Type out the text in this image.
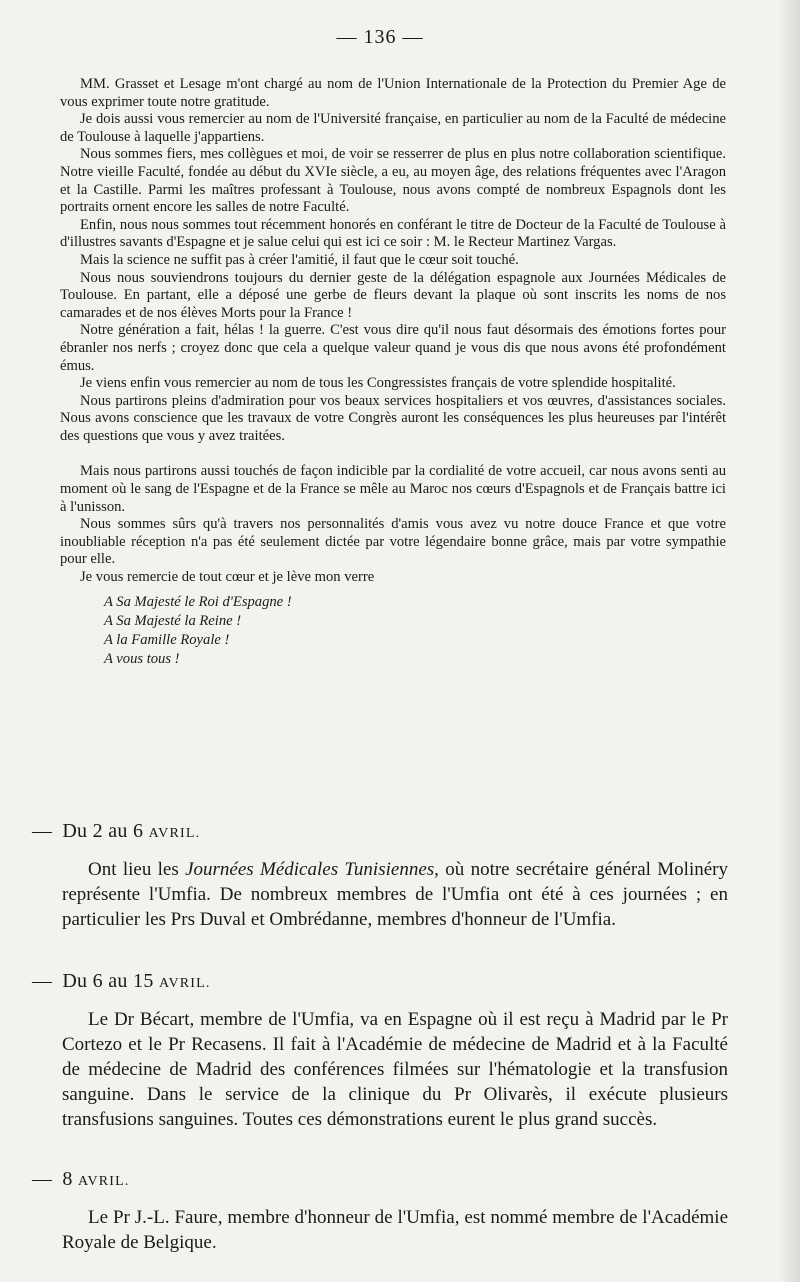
— 136 —

MM. Grasset et Lesage m'ont chargé au nom de l'Union Internationale de la Protection du Premier Age de vous exprimer toute notre gratitude.

Je dois aussi vous remercier au nom de l'Université française, en particulier au nom de la Faculté de médecine de Toulouse à laquelle j'appartiens.

Nous sommes fiers, mes collègues et moi, de voir se resserrer de plus en plus notre collaboration scientifique. Notre vieille Faculté, fondée au début du XVIe siècle, a eu, au moyen âge, des relations fréquentes avec l'Aragon et la Castille. Parmi les maîtres professant à Toulouse, nous avons compté de nombreux Espagnols dont les portraits ornent encore les salles de notre Faculté.

Enfin, nous nous sommes tout récemment honorés en conférant le titre de Docteur de la Faculté de Toulouse à d'illustres savants d'Espagne et je salue celui qui est ici ce soir : M. le Recteur Martinez Vargas.

Mais la science ne suffit pas à créer l'amitié, il faut que le cœur soit touché.

Nous nous souviendrons toujours du dernier geste de la délégation espagnole aux Journées Médicales de Toulouse. En partant, elle a déposé une gerbe de fleurs devant la plaque où sont inscrits les noms de nos camarades et de nos élèves Morts pour la France !

Notre génération a fait, hélas ! la guerre. C'est vous dire qu'il nous faut désormais des émotions fortes pour ébranler nos nerfs ; croyez donc que cela a quelque valeur quand je vous dis que nous avons été profondément émus.

Je viens enfin vous remercier au nom de tous les Congressistes français de votre splendide hospitalité.

Nous partirons pleins d'admiration pour vos beaux services hospitaliers et vos œuvres, d'assistances sociales. Nous avons conscience que les travaux de votre Congrès auront les conséquences les plus heureuses par l'intérêt des questions que vous y avez traitées.

Mais nous partirons aussi touchés de façon indicible par la cordialité de votre accueil, car nous avons senti au moment où le sang de l'Espagne et de la France se mêle au Maroc nos cœurs d'Espagnols et de Français battre ici à l'unisson.

Nous sommes sûrs qu'à travers nos personnalités d'amis vous avez vu notre douce France et que votre inoubliable réception n'a pas été seulement dictée par votre légendaire bonne grâce, mais par votre sympathie pour elle.

Je vous remercie de tout cœur et je lève mon verre

A Sa Majesté le Roi d'Espagne !
A Sa Majesté la Reine !
A la Famille Royale !
A vous tous !
— Du 2 au 6 AVRIL.

Ont lieu les Journées Médicales Tunisiennes, où notre secrétaire général Molinéry représente l'Umfia. De nombreux membres de l'Umfia ont été à ces journées ; en particulier les Prs Duval et Ombrédanne, membres d'honneur de l'Umfia.

— Du 6 au 15 AVRIL.

Le Dr Bécart, membre de l'Umfia, va en Espagne où il est reçu à Madrid par le Pr Cortezo et le Pr Recasens. Il fait à l'Académie de médecine de Madrid et à la Faculté de médecine de Madrid des conférences filmées sur l'hématologie et la transfusion sanguine. Dans le service de la clinique du Pr Olivarès, il exécute plusieurs transfusions sanguines. Toutes ces démonstrations eurent le plus grand succès.

— 8 AVRIL.

Le Pr J.-L. Faure, membre d'honneur de l'Umfia, est nommé membre de l'Académie Royale de Belgique.
